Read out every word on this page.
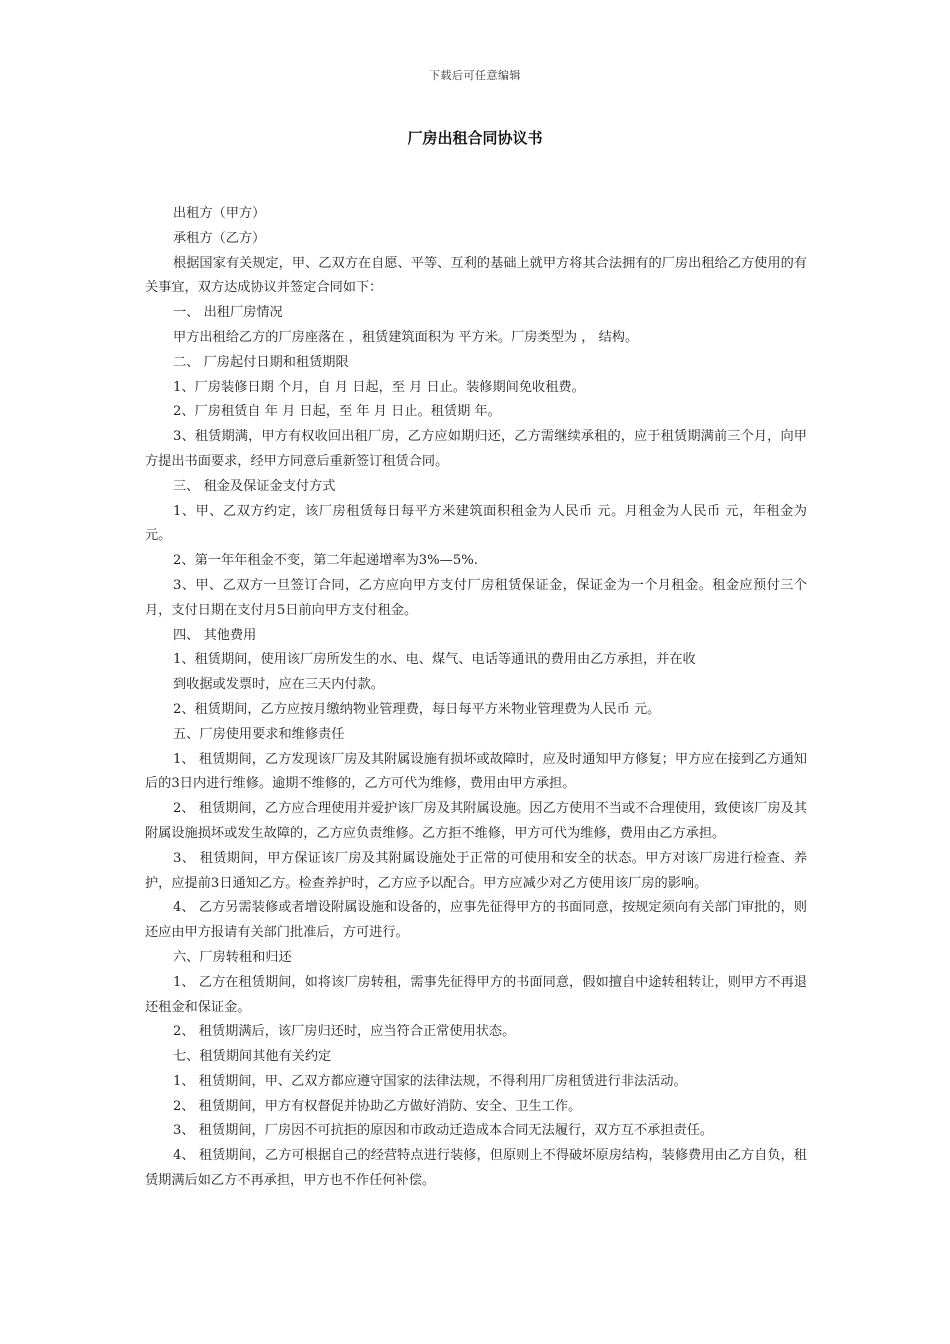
下载后可任意编辑
厂房出租合同协议书

出租方（甲方）

承租方（乙方）

根据国家有关规定，甲、乙双方在自愿、平等、互利的基础上就甲方将其合法拥有的厂房出租给乙方使用的有关事宜，双方达成协议并签定合同如下：

一、 出租厂房情况

甲方出租给乙方的厂房座落在 ，租赁建筑面积为 平方米。厂房类型为 ， 结构。

二、 厂房起付日期和租赁期限

1、厂房装修日期 个月，自 月 日起，至 月 日止。装修期间免收租费。

2、厂房租赁自 年 月 日起，至 年 月 日止。租赁期 年。

3、租赁期满，甲方有权收回出租厂房，乙方应如期归还，乙方需继续承租的，应于租赁期满前三个月，向甲方提出书面要求，经甲方同意后重新签订租赁合同。

三、 租金及保证金支付方式

1、甲、乙双方约定，该厂房租赁每日每平方米建筑面积租金为人民币 元。月租金为人民币 元，年租金为 元。

2、第一年年租金不变，第二年起递增率为3%—5%.

3、甲、乙双方一旦签订合同，乙方应向甲方支付厂房租赁保证金，保证金为一个月租金。租金应预付三个月，支付日期在支付月5日前向甲方支付租金。

四、 其他费用

1、租赁期间，使用该厂房所发生的水、电、煤气、电话等通讯的费用由乙方承担，并在收

到收据或发票时，应在三天内付款。

2、租赁期间，乙方应按月缴纳物业管理费，每日每平方米物业管理费为人民币 元。

五、厂房使用要求和维修责任

1、 租赁期间，乙方发现该厂房及其附属设施有损坏或故障时，应及时通知甲方修复；甲方应在接到乙方通知后的3日内进行维修。逾期不维修的，乙方可代为维修，费用由甲方承担。

2、 租赁期间，乙方应合理使用并爱护该厂房及其附属设施。因乙方使用不当或不合理使用，致使该厂房及其附属设施损坏或发生故障的，乙方应负责维修。乙方拒不维修，甲方可代为维修，费用由乙方承担。

3、 租赁期间，甲方保证该厂房及其附属设施处于正常的可使用和安全的状态。甲方对该厂房进行检查、养护，应提前3日通知乙方。检查养护时，乙方应予以配合。甲方应减少对乙方使用该厂房的影响。

4、 乙方另需装修或者增设附属设施和设备的，应事先征得甲方的书面同意，按规定须向有关部门审批的，则还应由甲方报请有关部门批准后，方可进行。

六、厂房转租和归还

1、 乙方在租赁期间，如将该厂房转租，需事先征得甲方的书面同意，假如擅自中途转租转让，则甲方不再退还租金和保证金。

2、 租赁期满后，该厂房归还时，应当符合正常使用状态。

七、租赁期间其他有关约定

1、 租赁期间，甲、乙双方都应遵守国家的法律法规，不得利用厂房租赁进行非法活动。

2、 租赁期间，甲方有权督促并协助乙方做好消防、安全、卫生工作。

3、 租赁期间，厂房因不可抗拒的原因和市政动迁造成本合同无法履行，双方互不承担责任。

4、 租赁期间，乙方可根据自己的经营特点进行装修，但原则上不得破坏原房结构，装修费用由乙方自负，租赁期满后如乙方不再承担，甲方也不作任何补偿。
